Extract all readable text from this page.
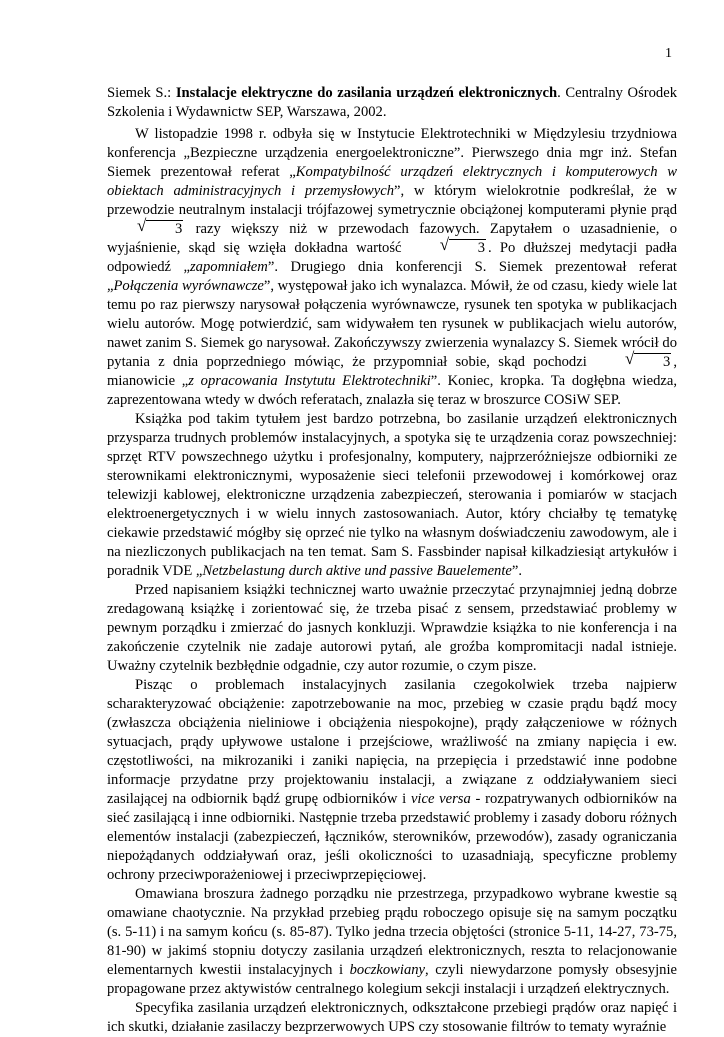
1
Siemek S.: Instalacje elektryczne do zasilania urządzeń elektronicznych. Centralny Ośrodek Szkolenia i Wydawnictw SEP, Warszawa, 2002.

W listopadzie 1998 r. odbyła się w Instytucie Elektrotechniki w Międzylesiu trzydniowa konferencja „Bezpieczne urządzenia energoelektroniczne”. Pierwszego dnia mgr inż. Stefan Siemek prezentował referat „Kompatybilność urządzeń elektrycznych i komputerowych w obiektach administracyjnych i przemysłowych”, w którym wielokrotnie podkreślał, że w przewodzie neutralnym instalacji trójfazowej symetrycznie obciążonej komputerami płynie prąd
√ 3 razy większy niż w przewodach fazowych. Zapytałem o uzasadnienie, o wyjaśnienie, skąd się wzięła dokładna wartość	√ 3 . Po dłuższej medytacji padła odpowiedź „zapomniałem”. Drugiego dnia konferencji S. Siemek prezentował referat „Połączenia wyrównawcze”, występował jako ich wynalazca. Mówił, że od czasu, kiedy wiele lat temu po raz pierwszy narysował połączenia wyrównawcze, rysunek ten spotyka w publikacjach wielu autorów. Mogę potwierdzić, sam widywałem ten rysunek w publikacjach wielu autorów, nawet zanim S. Siemek go narysował. Zakończywszy zwierzenia wynalazcy S. Siemek wrócił do pytania z dnia poprzedniego mówiąc, że przypomniał sobie, skąd pochodzi	√ 3 , mianowicie „z opracowania Instytutu Elektrotechniki”. Koniec, kropka. Ta dogłębna wiedza, zaprezentowana wtedy w dwóch referatach, znalazła się teraz w broszurce COSiW SEP.

Książka pod takim tytułem jest bardzo potrzebna, bo zasilanie urządzeń elektronicznych przysparza trudnych problemów instalacyjnych, a spotyka się te urządzenia coraz powszechniej: sprzęt RTV powszechnego użytku i profesjonalny, komputery, najprzeróżniejsze odbiorniki ze sterownikami elektronicznymi, wyposażenie sieci telefonii przewodowej i komórkowej oraz telewizji kablowej, elektroniczne urządzenia zabezpieczeń, sterowania i pomiarów w stacjach elektroenergetycznych i w wielu innych zastosowaniach. Autor, który chciałby tę tematykę ciekawie przedstawić mógłby się oprzeć nie tylko na własnym doświadczeniu zawodowym, ale i na niezliczonych publikacjach na ten temat. Sam S. Fassbinder napisał kilkadziesiąt artykułów i poradnik VDE „Netzbelastung durch aktive und passive Bauelemente”.

Przed napisaniem książki technicznej warto uważnie przeczytać przynajmniej jedną dobrze zredagowaną książkę i zorientować się, że trzeba pisać z sensem, przedstawiać problemy w pewnym porządku i zmierzać do jasnych konkluzji. Wprawdzie książka to nie konferencja i na zakończenie czytelnik nie zadaje autorowi pytań, ale groźba kompromitacji nadal istnieje. Uważny czytelnik bezbłędnie odgadnie, czy autor rozumie, o czym pisze.

Pisząc o problemach instalacyjnych zasilania czegokolwiek trzeba najpierw scharakteryzować obciążenie: zapotrzebowanie na moc, przebieg w czasie prądu bądź mocy (zwłaszcza obciążenia nieliniowe i obciążenia niespokojne), prądy załączeniowe w różnych sytuacjach, prądy upływowe ustalone i przejściowe, wrażliwość na zmiany napięcia i ew. częstotliwości, na mikrozaniki i zaniki napięcia, na przepięcia i przedstawić inne podobne informacje przydatne przy projektowaniu instalacji, a związane z oddziaływaniem sieci zasilającej na odbiornik bądź grupę odbiorników i vice versa - rozpatrywanych odbiorników na sieć zasilającą i inne odbiorniki. Następnie trzeba przedstawić problemy i zasady doboru różnych elementów instalacji (zabezpieczeń, łączników, sterowników, przewodów), zasady ograniczania niepożądanych oddziaływań oraz, jeśli okoliczności to uzasadniają, specyficzne problemy ochrony przeciwporażeniowej i przeciwprzepięciowej.

Omawiana broszura żadnego porządku nie przestrzega, przypadkowo wybrane kwestie są omawiane chaotycznie. Na przykład przebieg prądu roboczego opisuje się na samym początku (s. 5-11) i na samym końcu (s. 85-87). Tylko jedna trzecia objętości (stronice 5-11, 14-27, 73-75, 81-90) w jakimś stopniu dotyczy zasilania urządzeń elektronicznych, reszta to relacjonowanie elementarnych kwestii instalacyjnych i boczkowiany, czyli niewydarzone pomysły obsesyjnie propagowane przez aktywistów centralnego kolegium sekcji instalacji i urządzeń elektrycznych.

Specyfika zasilania urządzeń elektronicznych, odkształcone przebiegi prądów oraz napięć i ich skutki, działanie zasilaczy bezprzerwowych UPS czy stosowanie filtrów to tematy wyraźnie
